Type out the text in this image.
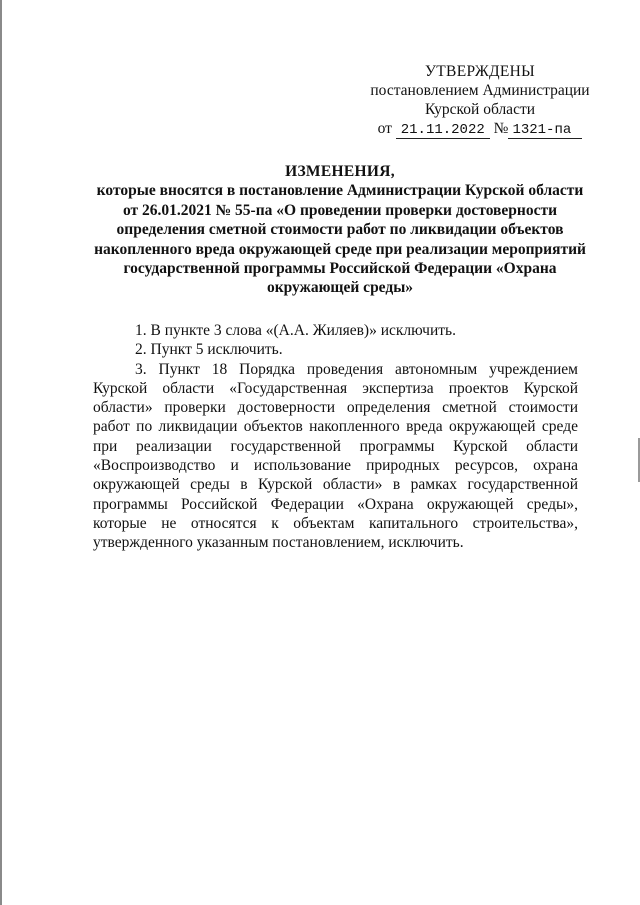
УТВЕРЖДЕНЫ
постановлением Администрации
Курской области
от 21.11.2022 № 1321-па
ИЗМЕНЕНИЯ,
которые вносятся в постановление Администрации Курской области от 26.01.2021 № 55-па «О проведении проверки достоверности определения сметной стоимости работ по ликвидации объектов накопленного вреда окружающей среде при реализации мероприятий государственной программы Российской Федерации «Охрана окружающей среды»

1. В пункте 3 слова «(А.А. Жиляев)» исключить.

2. Пункт 5 исключить.

3. Пункт 18 Порядка проведения автономным учреждением Курской области «Государственная экспертиза проектов Курской области» проверки достоверности определения сметной стоимости работ по ликвидации объектов накопленного вреда окружающей среде при реализации государственной программы Курской области «Воспроизводство и использование природных ресурсов, охрана окружающей среды в Курской области» в рамках государственной программы Российской Федерации «Охрана окружающей среды», которые не относятся к объектам капитального строительства», утвержденного указанным постановлением, исключить.
